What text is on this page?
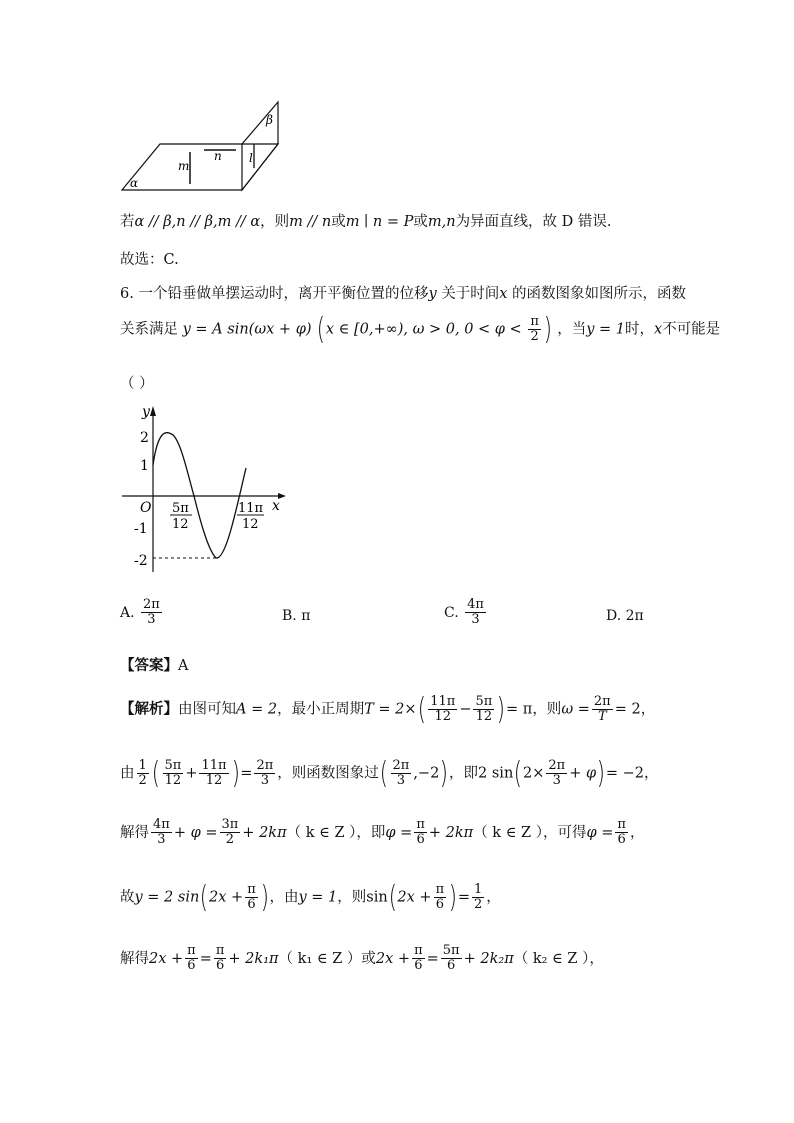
β
n
m
l
α
若α // β,n // β,m // α，则m // n或m ∣ n = P或m,n为异面直线，故 D 错误.
故选：C.
6. 一个铅垂做单摆运动时，离开平衡位置的位移y 关于时间x 的函数图象如图所示，函数
关系满足 y = A sin(ωx + φ) (x ∈ [0,+∞), ω > 0, $0 < \varphi < \frac{\pi}{2}$ ) ，当y = 1时，x不可能是
（ ）
y
x
O
2
1
-1
-2
5π
12
11π
12
A. $\frac{2\pi}{3}$	B. π	C. $\frac{4\pi}{3}$	D. 2π
【答案】A
【解析】由图可知A = 2，最小正周期$T = 2\times( \frac{11\pi}{12} - \frac{5\pi}{12}$ )= π，则$\omega = \frac{2\pi}{T} = 2$，
由 $\frac{1}{2}$ ( $\frac{5\pi}{12} + \frac{11\pi}{12}$ )= $\frac{2\pi}{3}$ ，则函数图象过( $\frac{2\pi}{3} ,-2$)，即2 $\sin(2\times \frac{2\pi}{3} + \varphi)= -2$，
解得 $\frac{4\pi}{3} + \varphi = \frac{3\pi}{2} + 2k\pi$（ k ∈ Z ），即$\varphi = \frac{\pi}{6} + 2k\pi$（ k ∈ Z ），可得$\varphi = \frac{\pi}{6}$ ，
故y = 2 $\sin(2x + \frac{\pi}{6}$ )，由y = 1，则$\sin(2x + \frac{\pi}{6}$ )= $\frac{1}{2}$ ，
解得$2x + \frac{\pi}{6} = \frac{\pi}{6} + 2k_1\pi$（ k₁ ∈ Z ）或$2x + \frac{\pi}{6} = \frac{5\pi}{6} + 2k_2\pi$（ k₂ ∈ Z ），
